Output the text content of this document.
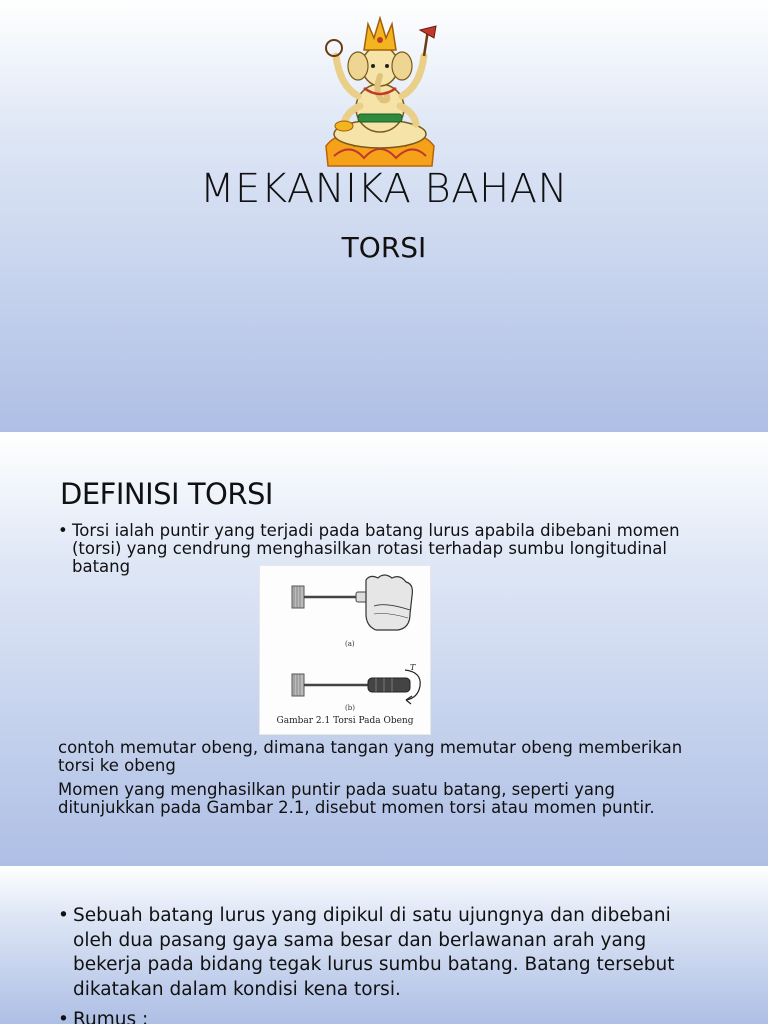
MEKANIKA BAHAN
TORSI
DEFINISI TORSI
• Torsi ialah puntir yang terjadi pada batang lurus apabila dibebani momen (torsi) yang cendrung menghasilkan rotasi terhadap sumbu longitudinal batang
(a)
T
(b)
Gambar 2.1 Torsi Pada Obeng
contoh memutar obeng, dimana tangan yang memutar obeng memberikan torsi ke obeng
Momen yang menghasilkan puntir pada suatu batang, seperti yang ditunjukkan pada Gambar 2.1, disebut momen torsi atau momen puntir.
• Sebuah batang lurus yang dipikul di satu ujungnya dan dibebani oleh dua pasang gaya sama besar dan berlawanan arah yang bekerja pada bidang tegak lurus sumbu batang. Batang tersebut dikatakan dalam kondisi kena torsi.
• Rumus :
